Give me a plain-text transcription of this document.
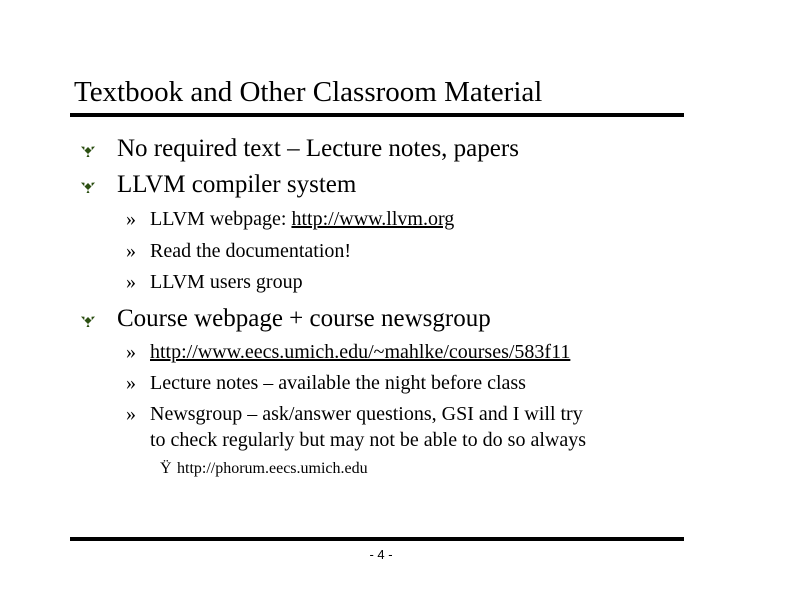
Textbook and Other Classroom Material
No required text – Lecture notes, papers
LLVM compiler system
» LLVM webpage: http://www.llvm.org
» Read the documentation!
» LLVM users group
Course webpage + course newsgroup
» http://www.eecs.umich.edu/~mahlke/courses/583f11
» Lecture notes – available the night before class
» Newsgroup – ask/answer questions, GSI and I will try
to check regularly but may not be able to do so always
Ÿ http://phorum.eecs.umich.edu
- 4 -
